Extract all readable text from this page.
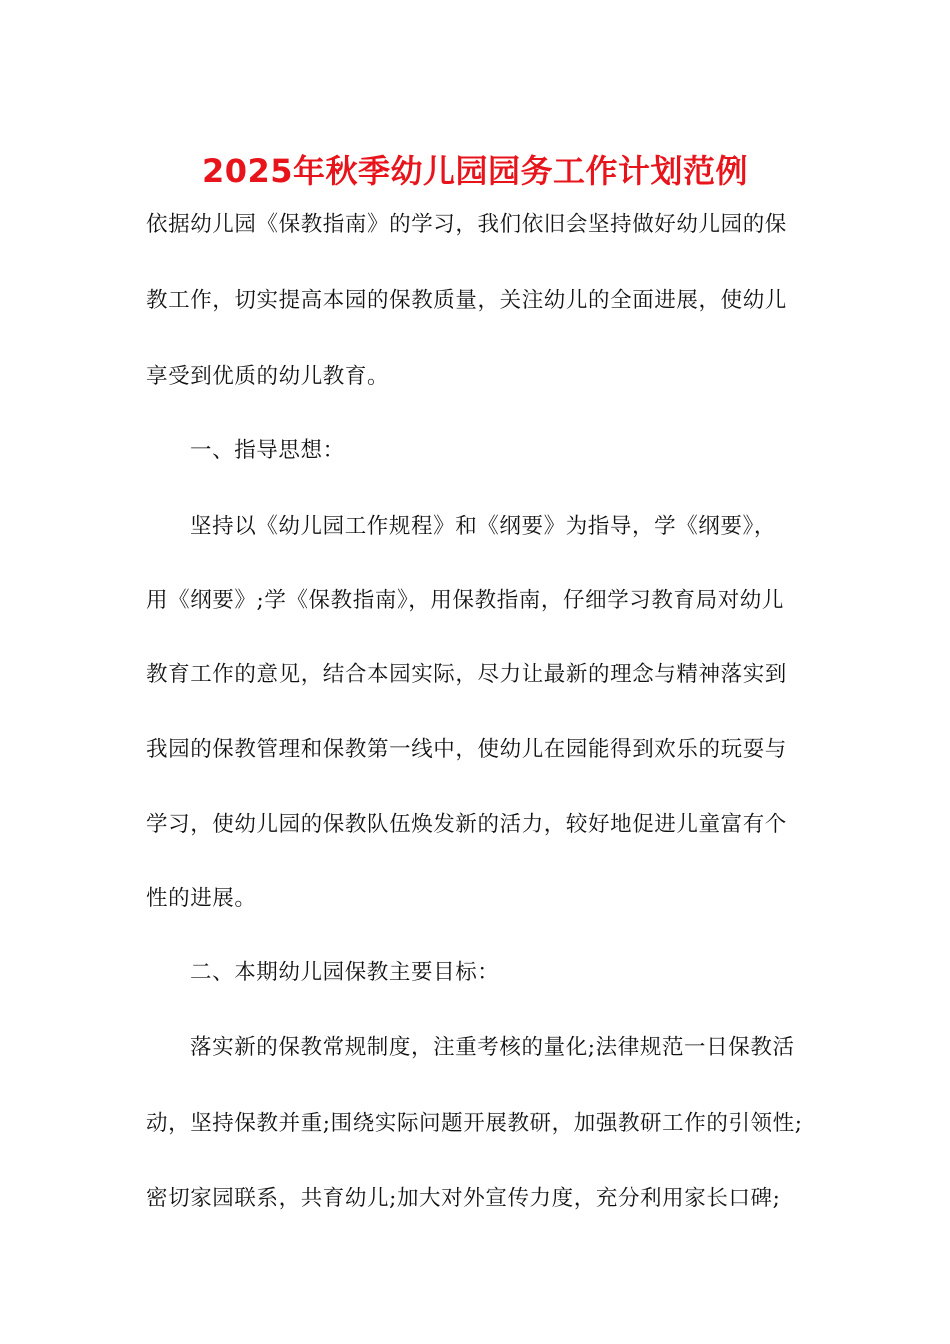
2025年秋季幼儿园园务工作计划范例
依据幼儿园《保教指南》的学习，我们依旧会坚持做好幼儿园的保
教工作，切实提高本园的保教质量，关注幼儿的全面进展，使幼儿
享受到优质的幼儿教育。
一、指导思想：
坚持以《幼儿园工作规程》和《纲要》为指导，学《纲要》，
用《纲要》;学《保教指南》，用保教指南，仔细学习教育局对幼儿
教育工作的意见，结合本园实际，尽力让最新的理念与精神落实到
我园的保教管理和保教第一线中，使幼儿在园能得到欢乐的玩耍与
学习，使幼儿园的保教队伍焕发新的活力，较好地促进儿童富有个
性的进展。
二、本期幼儿园保教主要目标：
落实新的保教常规制度，注重考核的量化;法律规范一日保教活
动，坚持保教并重;围绕实际问题开展教研，加强教研工作的引领性;
密切家园联系，共育幼儿;加大对外宣传力度，充分利用家长口碑;
